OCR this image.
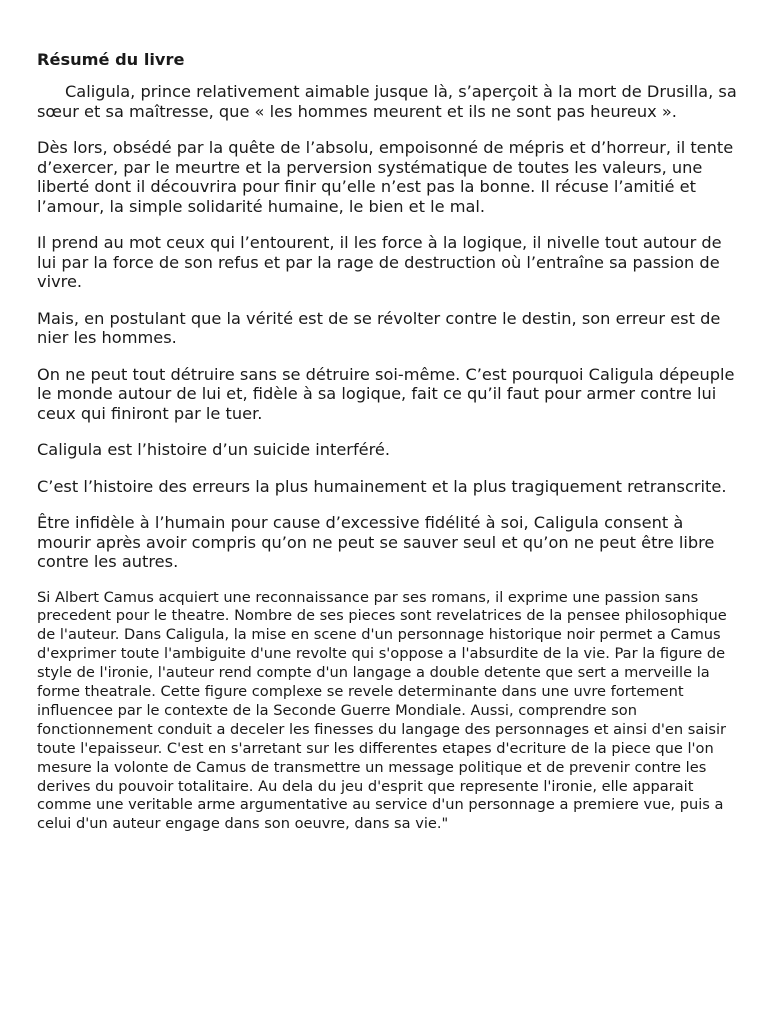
Résumé du livre

Caligula, prince relativement aimable jusque là, s’aperçoit à la mort de Drusilla, sa sœur et sa maîtresse, que « les hommes meurent et ils ne sont pas heureux ».

Dès lors, obsédé par la quête de l’absolu, empoisonné de mépris et d’horreur, il tente d’exercer, par le meurtre et la perversion systématique de toutes les valeurs, une liberté dont il découvrira pour finir qu’elle n’est pas la bonne. Il récuse l’amitié et l’amour, la simple solidarité humaine, le bien et le mal.

Il prend au mot ceux qui l’entourent, il les force à la logique, il nivelle tout autour de lui par la force de son refus et par la rage de destruction où l’entraîne sa passion de vivre.

Mais, en postulant que la vérité est de se révolter contre le destin, son erreur est de nier les hommes.

On ne peut tout détruire sans se détruire soi-même. C’est pourquoi Caligula dépeuple le monde autour de lui et, fidèle à sa logique, fait ce qu’il faut pour armer contre lui ceux qui finiront par le tuer.

Caligula est l’histoire d’un suicide interféré.

C’est l’histoire des erreurs la plus humainement et la plus tragiquement retranscrite.

Être infidèle à l’humain pour cause d’excessive fidélité à soi, Caligula consent à mourir après avoir compris qu’on ne peut se sauver seul et qu’on ne peut être libre contre les autres.

Si Albert Camus acquiert une reconnaissance par ses romans, il exprime une passion sans precedent pour le theatre. Nombre de ses pieces sont revelatrices de la pensee philosophique de l'auteur. Dans Caligula, la mise en scene d'un personnage historique noir permet a Camus d'exprimer toute l'ambiguite d'une revolte qui s'oppose a l'absurdite de la vie. Par la figure de style de l'ironie, l'auteur rend compte d'un langage a double detente que sert a merveille la forme theatrale. Cette figure complexe se revele determinante dans une uvre fortement influencee par le contexte de la Seconde Guerre Mondiale. Aussi, comprendre son fonctionnement conduit a deceler les finesses du langage des personnages et ainsi d'en saisir toute l'epaisseur. C'est en s'arretant sur les differentes etapes d'ecriture de la piece que l'on mesure la volonte de Camus de transmettre un message politique et de prevenir contre les derives du pouvoir totalitaire. Au dela du jeu d'esprit que represente l'ironie, elle apparait comme une veritable arme argumentative au service d'un personnage a premiere vue, puis a celui d'un auteur engage dans son oeuvre, dans sa vie."
